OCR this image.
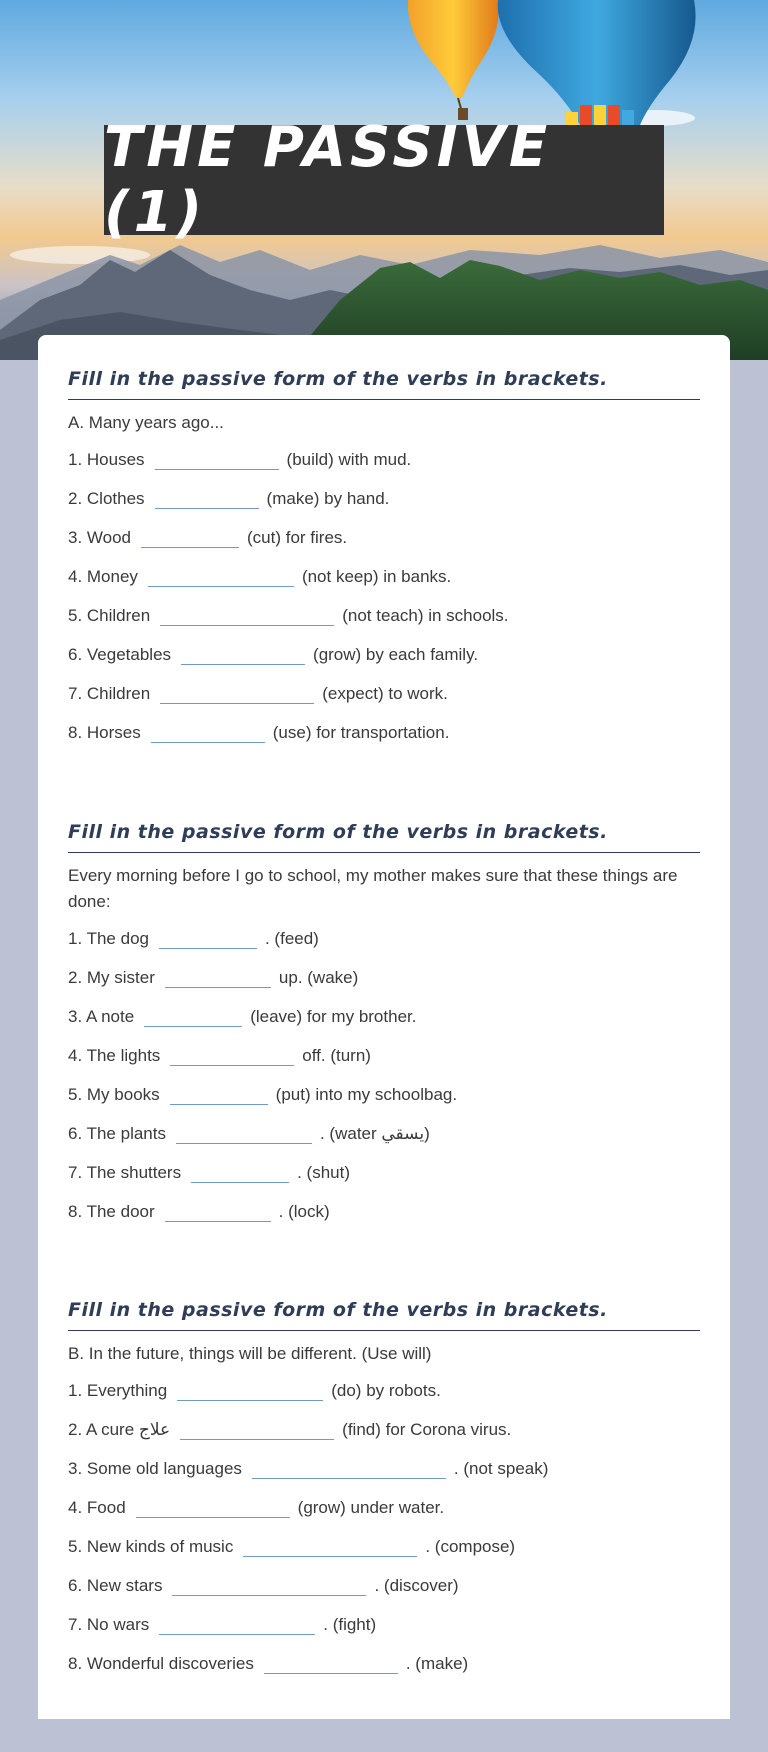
THE PASSIVE (1)
Fill in the passive form of the verbs in brackets.
A. Many years ago...
1. Houses	(build) with mud.
2. Clothes	(make) by hand.
3. Wood	(cut) for fires.
4. Money	(not keep) in banks.
5. Children	(not teach) in schools.
6. Vegetables	(grow) by each family.
7. Children	(expect) to work.
8. Horses	(use) for transportation.
Fill in the passive form of the verbs in brackets.
Every morning before I go to school, my mother makes sure that these things are done:
1. The dog	. (feed)
2. My sister	up. (wake)
3. A note	(leave) for my brother.
4. The lights	off. (turn)
5. My books	(put) into my schoolbag.
6. The plants	. (water يسقي)
7. The shutters	. (shut)
8. The door	. (lock)
Fill in the passive form of the verbs in brackets.
B. In the future, things will be different. (Use will)
1. Everything	(do) by robots.
2. A cure علاج	(find) for Corona virus.
3. Some old languages	. (not speak)
4. Food	(grow) under water.
5. New kinds of music	. (compose)
6. New stars	. (discover)
7. No wars	. (fight)
8. Wonderful discoveries	. (make)
